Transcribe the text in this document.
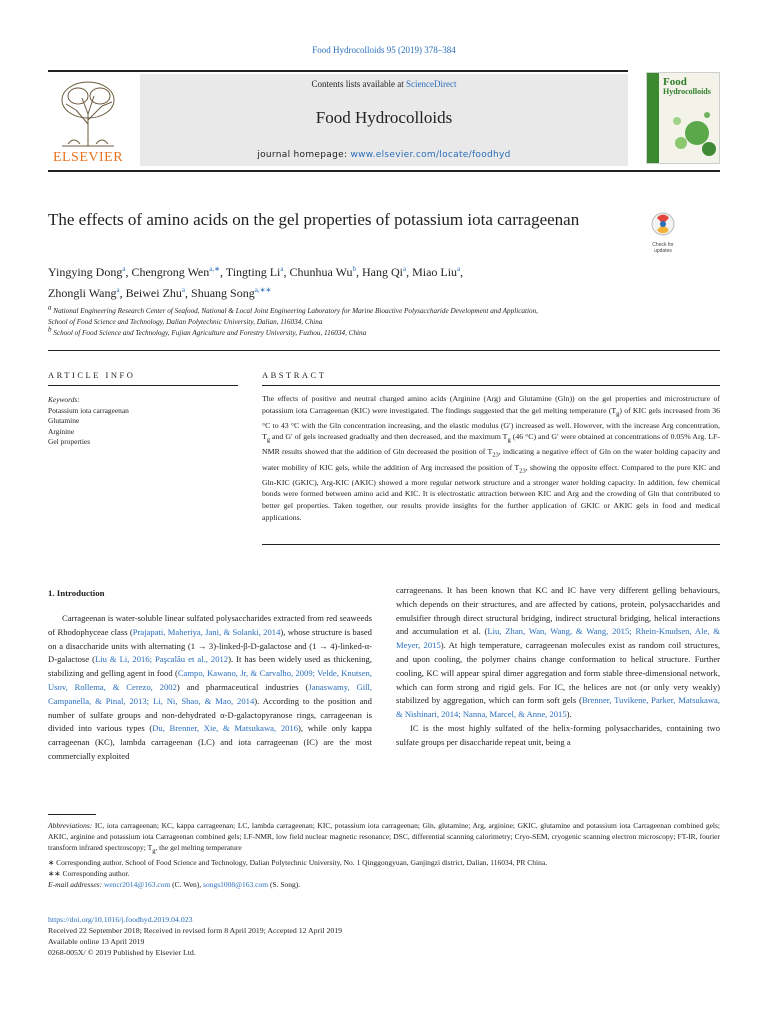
Food Hydrocolloids 95 (2019) 378–384
ELSEVIER
Contents lists available at ScienceDirect
Food Hydrocolloids
journal homepage: www.elsevier.com/locate/foodhyd
Food
Hydrocolloids
The effects of amino acids on the gel properties of potassium iota carrageenan
Check for
updates
Yingying Dong$^a$, Chengrong Wen$^{a,∗}$, Tingting Li$^a$, Chunhua Wu$^b$, Hang Qi$^a$, Miao Liu$^a$,
Zhongli Wang$^a$, Beiwei Zhu$^a$, Shuang Song$^{a,∗∗}$
$^a$ National Engineering Research Center of Seafood, National & Local Joint Engineering Laboratory for Marine Bioactive Polysaccharide Development and Application,
School of Food Science and Technology, Dalian Polytechnic University, Dalian, 116034, China
$^b$ School of Food Science and Technology, Fujian Agriculture and Forestry University, Fuzhou, 116034, China
ARTICLE INFO
Keywords:
Potassium iota carrageenan
Glutamine
Arginine
Gel properties
ABSTRACT
The effects of positive and neutral charged amino acids (Arginine (Arg) and Glutamine (Gln)) on the gel properties and microstructure of potassium iota Carrageenan (KIC) were investigated. The findings suggested that the gel melting temperature $(T_g)$ of KIC gels increased from 36 °C to 43 °C with the Gln concentration increasing, and the elastic modulus (G′) increased as well. However, with the increase Arg concentration, $T_g$ and G′ of gels increased gradually and then decreased, and the maximum $T_g$ (46 °C) and G′ were obtained at concentrations of 0.05% Arg. LF-NMR results showed that the addition of Gln decreased the position of $T_{23}$, indicating a negative effect of Gln on the water holding capacity and water mobility of KIC gels, while the addition of Arg increased the position of $T_{23}$, showing the opposite effect. Compared to the pure KIC and Gln-KIC (GKIC), Arg-KIC (AKIC) showed a more regular network structure and a stronger water holding capacity. In addition, few chemical bonds were formed between amino acid and KIC. It is electrostatic attraction between KIC and Arg and the crowding of Gln that contributed to better gel properties. Taken together, our results provide insights for the further application of GKIC or AKIC gels in food and medical applications.
1. Introduction

Carrageenan is water-soluble linear sulfated polysaccharides extracted from red seaweeds of Rhodophyceae class (Prajapati, Maheriya, Jani, & Solanki, 2014), whose structure is based on a disaccharide units with alternating (1 → 3)-linked-β-D-galactose and (1 → 4)-linked-α-D-galactose (Liu & Li, 2016; Paşcalău et al., 2012). It has been widely used as thickening, stabilizing and gelling agent in food (Campo, Kawano, Jr, & Carvalho, 2009; Velde, Knutsen, Usov, Rollema, & Cerezo, 2002) and pharmaceutical industries (Janaswamy, Gill, Campanella, & Pinal, 2013; Li, Ni, Shao, & Mao, 2014). According to the position and number of sulfate groups and non-dehydrated α-D-galactopyranose rings, carrageenan is divided into various types (Du, Brenner, Xie, & Matsukawa, 2016), while only kappa carrageenan (KC), lambda carrageenan (LC) and iota carrageenan (IC) are the most commercially exploited

carrageenans. It has been known that KC and IC have very different gelling behaviours, which depends on their structures, and are affected by cations, protein, polysaccharides and emulsifier through direct structural bridging, indirect structural bridging, helical interactions and accumulation et al. (Liu, Zhan, Wan, Wang, & Wang, 2015; Rhein-Knudsen, Ale, & Meyer, 2015). At high temperature, carrageenan molecules exist as random coil structures, and upon cooling, the polymer chains change conformation to helical structure. Further cooling, KC will appear spiral dimer aggregation and form stable three-dimensional network, which can form strong and rigid gels. For IC, the helices are not (or only very weakly) stabilized by aggregation, which can form soft gels (Brenner, Tuvikene, Parker, Matsukawa, & Nishinari, 2014; Nanna, Marcel, & Anne, 2015).

IC is the most highly sulfated of the helix-forming polysaccharides, containing two sulfate groups per disaccharide repeat unit, being a

Abbreviations: IC, iota carrageenan; KC, kappa carrageenan; LC, lambda carrageenan; KIC, potassium iota carrageenan; Gln, glutamine; Arg, arginine; GKIC, glutamine and potassium iota Carrageenan combined gels; AKIC, arginine and potassium iota Carrageenan combined gels; LF-NMR, low field nuclear magnetic resonance; DSC, differential scanning calorimetry; Cryo-SEM, cryogenic scanning electron microscopy; FT-IR, fourier transform infrared spectroscopy; $T_g$, the gel melting temperature
∗ Corresponding author. School of Food Science and Technology, Dalian Polytechnic University, No. 1 Qinggongyuan, Ganjingzi district, Dalian, 116034, PR China.
∗∗ Corresponding author.
E-mail addresses: wencr2014@163.com (C. Wen), songs1008@163.com (S. Song).
https://doi.org/10.1016/j.foodhyd.2019.04.023
Received 22 September 2018; Received in revised form 8 April 2019; Accepted 12 April 2019
Available online 13 April 2019
0268-005X/ © 2019 Published by Elsevier Ltd.
